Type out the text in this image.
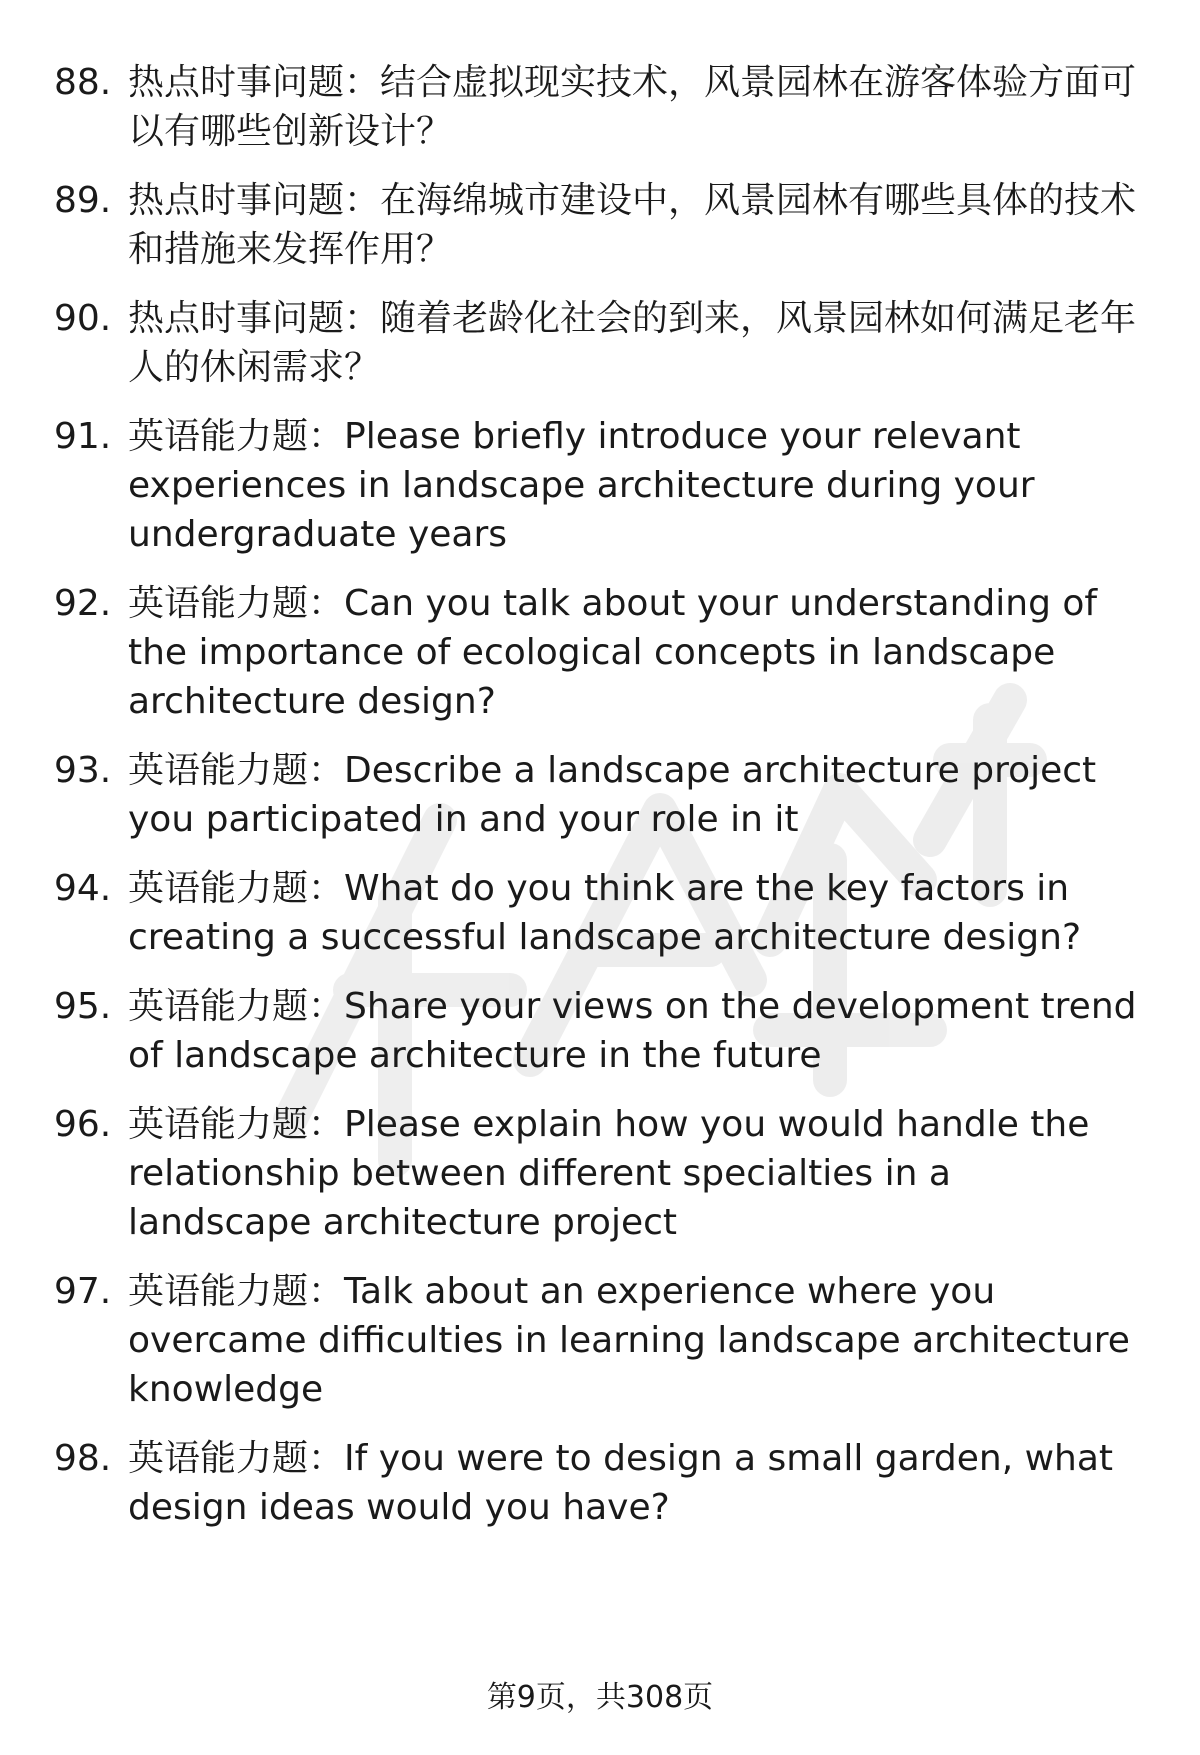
88. 热点时事问题：结合虚拟现实技术，风景园林在游客体验方面可以有哪些创新设计？
89. 热点时事问题：在海绵城市建设中，风景园林有哪些具体的技术和措施来发挥作用？
90. 热点时事问题：随着老龄化社会的到来，风景园林如何满足老年人的休闲需求？
91. 英语能力题：Please briefly introduce your relevant experiences in landscape architecture during your undergraduate years
92. 英语能力题：Can you talk about your understanding of the importance of ecological concepts in landscape architecture design?
93. 英语能力题：Describe a landscape architecture project you participated in and your role in it
94. 英语能力题：What do you think are the key factors in creating a successful landscape architecture design?
95. 英语能力题：Share your views on the development trend of landscape architecture in the future
96. 英语能力题：Please explain how you would handle the relationship between different specialties in a landscape architecture project
97. 英语能力题：Talk about an experience where you overcame difficulties in learning landscape architecture knowledge
98. 英语能力题：If you were to design a small garden, what design ideas would you have?
第9页，共308页
